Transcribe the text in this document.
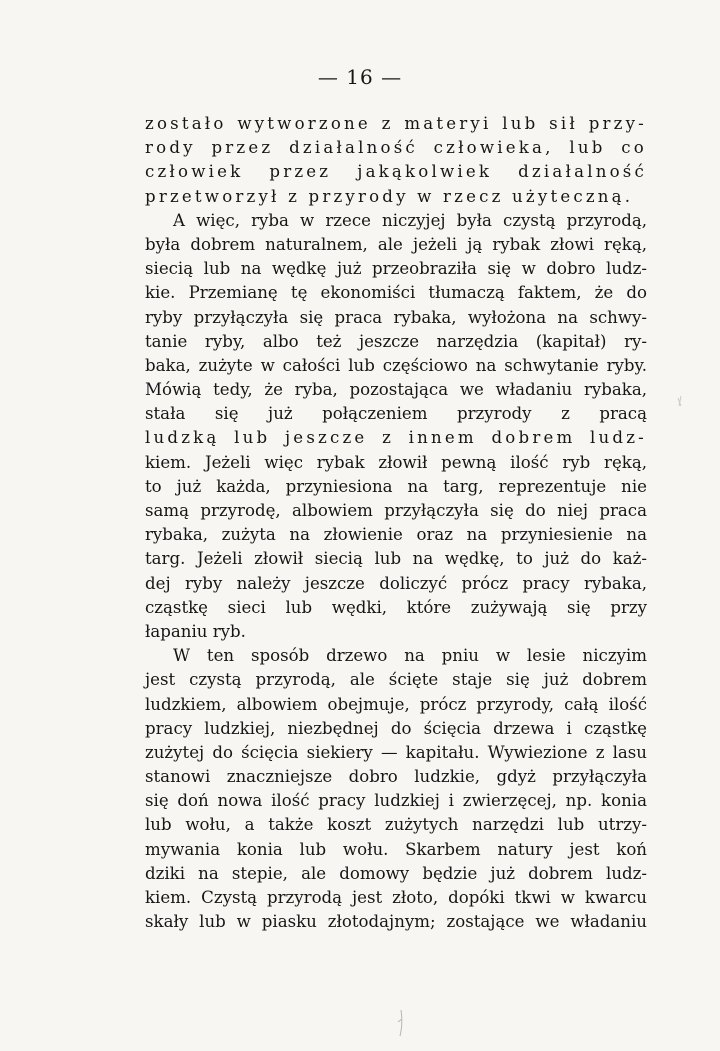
— 16 —
zostało wytworzone z materyi lub sił przy-
rody przez działalność człowieka, lub co
człowiek przez jakąkolwiek działalność
przetworzył z przyrody w rzecz użyteczną.
A więc, ryba w rzece niczyjej była czystą przyrodą,
była dobrem naturalnem, ale jeżeli ją rybak złowi ręką,
siecią lub na wędkę już przeobraziła się w dobro ludz-
kie. Przemianę tę ekonomiści tłumaczą faktem, że do
ryby przyłączyła się praca rybaka, wyłożona na schwy-
tanie ryby, albo też jeszcze narzędzia (kapitał) ry-
baka, zużyte w całości lub częściowo na schwytanie ryby.
Mówią tedy, że ryba, pozostająca we władaniu rybaka,
stała się już połączeniem przyrody z pracą
ludzką lub jeszcze z innem dobrem ludz-
kiem. Jeżeli więc rybak złowił pewną ilość ryb ręką,
to już każda, przyniesiona na targ, reprezentuje nie
samą przyrodę, albowiem przyłączyła się do niej praca
rybaka, zużyta na złowienie oraz na przyniesienie na
targ. Jeżeli złowił siecią lub na wędkę, to już do każ-
dej ryby należy jeszcze doliczyć prócz pracy rybaka,
cząstkę sieci lub wędki, które zużywają się przy
łapaniu ryb.
W ten sposób drzewo na pniu w lesie niczyim
jest czystą przyrodą, ale ścięte staje się już dobrem
ludzkiem, albowiem obejmuje, prócz przyrody, całą ilość
pracy ludzkiej, niezbędnej do ścięcia drzewa i cząstkę
zużytej do ścięcia siekiery — kapitału. Wywiezione z lasu
stanowi znaczniejsze dobro ludzkie, gdyż przyłączyła
się doń nowa ilość pracy ludzkiej i zwierzęcej, np. konia
lub wołu, a także koszt zużytych narzędzi lub utrzy-
mywania konia lub wołu. Skarbem natury jest koń
dziki na stepie, ale domowy będzie już dobrem ludz-
kiem. Czystą przyrodą jest złoto, dopóki tkwi w kwarcu
skały lub w piasku złotodajnym; zostające we władaniu
